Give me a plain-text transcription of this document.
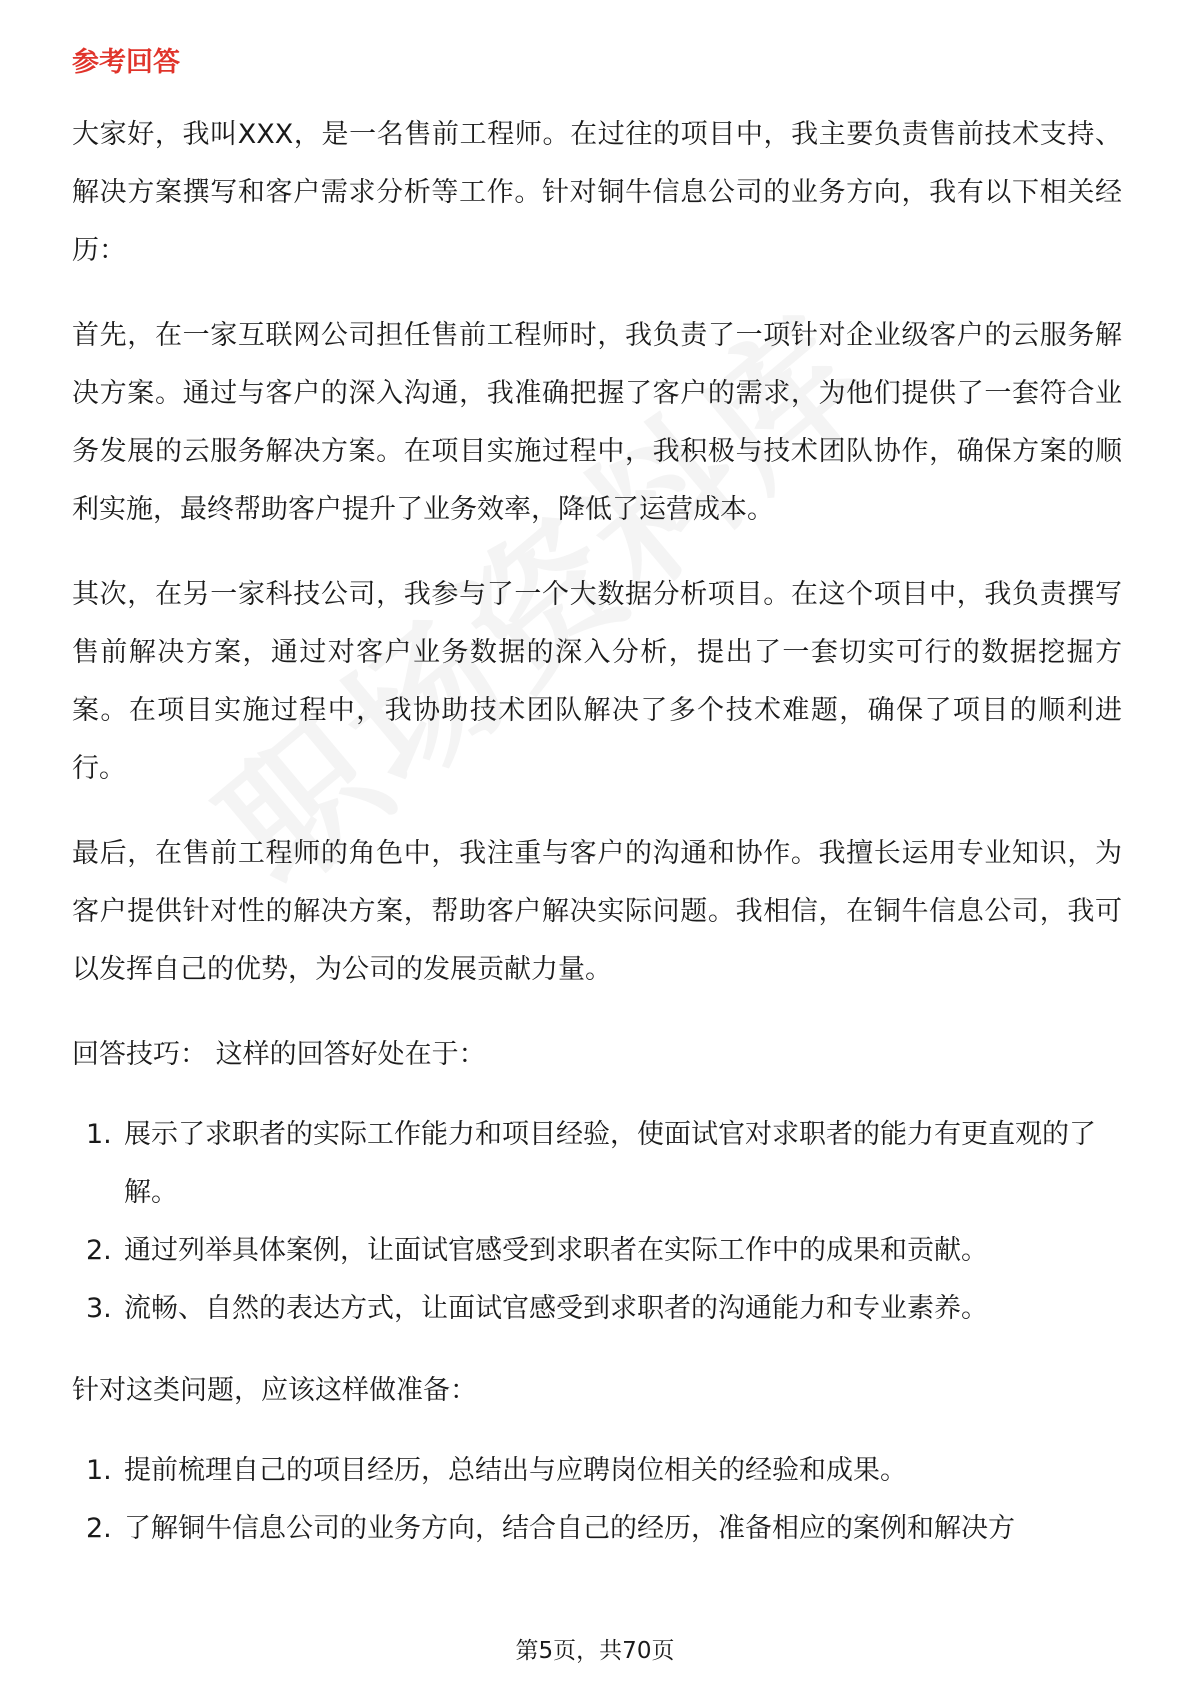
参考回答

大家好，我叫XXX，是一名售前工程师。在过往的项目中，我主要负责售前技术支持、解决方案撰写和客户需求分析等工作。针对铜牛信息公司的业务方向，我有以下相关经历：

首先，在一家互联网公司担任售前工程师时，我负责了一项针对企业级客户的云服务解决方案。通过与客户的深入沟通，我准确把握了客户的需求，为他们提供了一套符合业务发展的云服务解决方案。在项目实施过程中，我积极与技术团队协作，确保方案的顺利实施，最终帮助客户提升了业务效率，降低了运营成本。

其次，在另一家科技公司，我参与了一个大数据分析项目。在这个项目中，我负责撰写售前解决方案，通过对客户业务数据的深入分析，提出了一套切实可行的数据挖掘方案。在项目实施过程中，我协助技术团队解决了多个技术难题，确保了项目的顺利进行。

最后，在售前工程师的角色中，我注重与客户的沟通和协作。我擅长运用专业知识，为客户提供针对性的解决方案，帮助客户解决实际问题。我相信，在铜牛信息公司，我可以发挥自己的优势，为公司的发展贡献力量。

回答技巧： 这样的回答好处在于：
1. 展示了求职者的实际工作能力和项目经验，使面试官对求职者的能力有更直观的了解。
2. 通过列举具体案例，让面试官感受到求职者在实际工作中的成果和贡献。
3. 流畅、自然的表达方式，让面试官感受到求职者的沟通能力和专业素养。
针对这类问题，应该这样做准备：
1. 提前梳理自己的项目经历，总结出与应聘岗位相关的经验和成果。
2. 了解铜牛信息公司的业务方向，结合自己的经历，准备相应的案例和解决方
第5页，共70页
